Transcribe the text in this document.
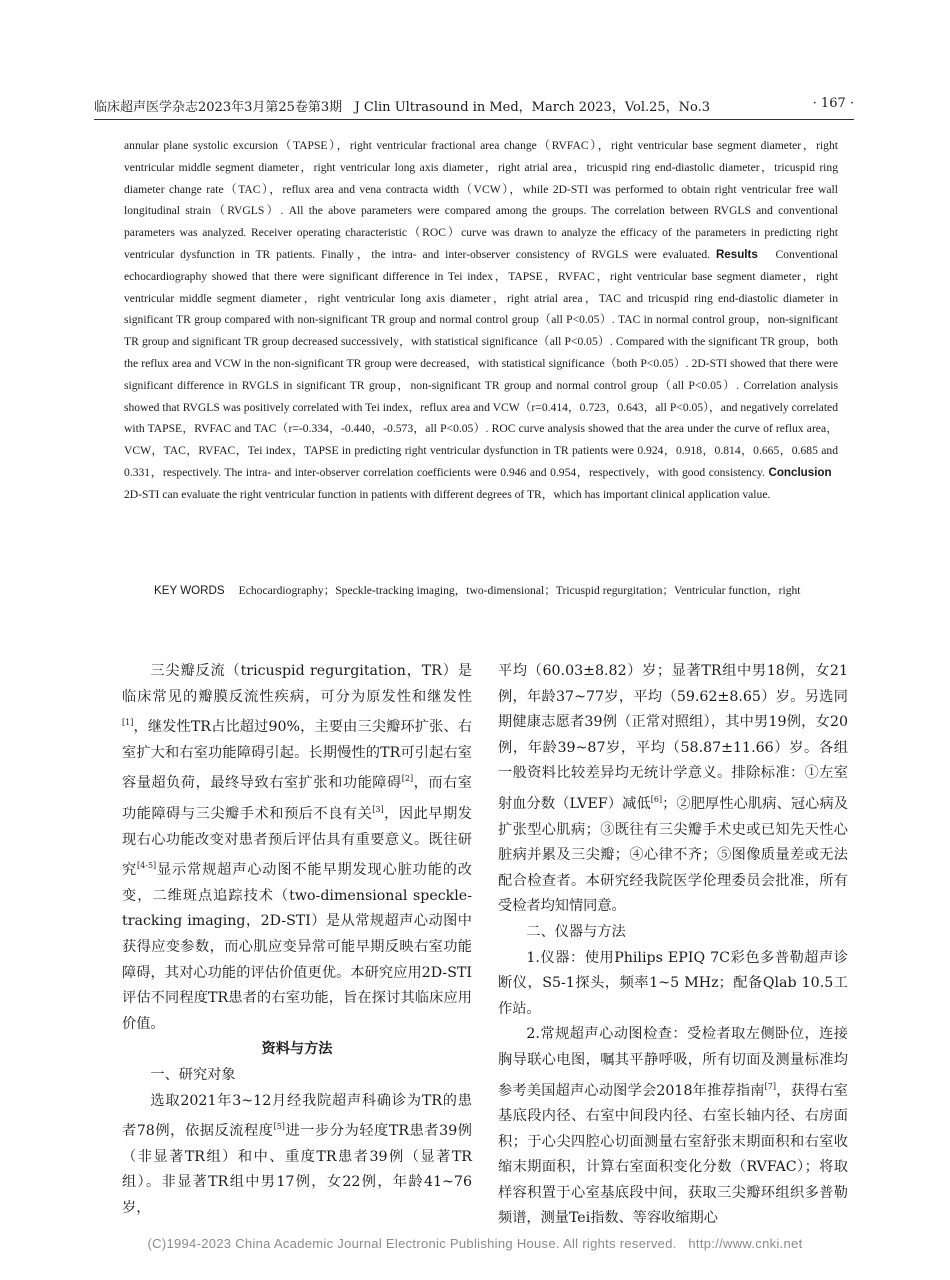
临床超声医学杂志2023年3月第25卷第3期 J Clin Ultrasound in Med，March 2023，Vol.25，No.3	· 167 ·
annular plane systolic excursion（TAPSE），right ventricular fractional area change（RVFAC），right ventricular base segment diameter，right ventricular middle segment diameter，right ventricular long axis diameter，right atrial area，tricuspid ring end-diastolic diameter，tricuspid ring diameter change rate（TAC），reflux area and vena contracta width（VCW），while 2D-STI was performed to obtain right ventricular free wall longitudinal strain（RVGLS）. All the above parameters were compared among the groups. The correlation between RVGLS and conventional parameters was analyzed. Receiver operating characteristic（ROC）curve was drawn to analyze the efficacy of the parameters in predicting right ventricular dysfunction in TR patients. Finally，the intra- and inter-observer consistency of RVGLS were evaluated. Results Conventional echocardiography showed that there were significant difference in Tei index，TAPSE，RVFAC，right ventricular base segment diameter，right ventricular middle segment diameter，right ventricular long axis diameter，right atrial area，TAC and tricuspid ring end-diastolic diameter in significant TR group compared with non-significant TR group and normal control group（all P<0.05）. TAC in normal control group，non-significant TR group and significant TR group decreased successively，with statistical significance（all P<0.05）. Compared with the significant TR group，both the reflux area and VCW in the non-significant TR group were decreased，with statistical significance（both P<0.05）. 2D-STI showed that there were significant difference in RVGLS in significant TR group，non-significant TR group and normal control group（all P<0.05）. Correlation analysis showed that RVGLS was positively correlated with Tei index，reflux area and VCW（r=0.414，0.723，0.643，all P<0.05），and negatively correlated with TAPSE，RVFAC and TAC（r=-0.334，-0.440，-0.573，all P<0.05）. ROC curve analysis showed that the area under the curve of reflux area，VCW，TAC，RVFAC，Tei index，TAPSE in predicting right ventricular dysfunction in TR patients were 0.924，0.918，0.814，0.665，0.685 and 0.331，respectively. The intra- and inter-observer correlation coefficients were 0.946 and 0.954，respectively，with good consistency. Conclusion   2D-STI can evaluate the right ventricular function in patients with different degrees of TR，which has important clinical application value.
KEY WORDS Echocardiography；Speckle-tracking imaging，two-dimensional；Tricuspid regurgitation；Ventricular function，right

三尖瓣反流（tricuspid regurgitation，TR）是临床常见的瓣膜反流性疾病，可分为原发性和继发性[1]，继发性TR占比超过90%，主要由三尖瓣环扩张、右室扩大和右室功能障碍引起。长期慢性的TR可引起右室容量超负荷，最终导致右室扩张和功能障碍[2]，而右室功能障碍与三尖瓣手术和预后不良有关[3]，因此早期发现右心功能改变对患者预后评估具有重要意义。既往研究[4-5]显示常规超声心动图不能早期发现心脏功能的改变，二维斑点追踪技术（two-dimensional speckle-tracking imaging，2D-STI）是从常规超声心动图中获得应变参数，而心肌应变异常可能早期反映右室功能障碍，其对心功能的评估价值更优。本研究应用2D-STI评估不同程度TR患者的右室功能，旨在探讨其临床应用价值。

资料与方法

一、研究对象

选取2021年3~12月经我院超声科确诊为TR的患者78例，依据反流程度[5]进一步分为轻度TR患者39例（非显著TR组）和中、重度TR患者39例（显著TR组）。非显著TR组中男17例，女22例，年龄41~76岁，

平均（60.03±8.82）岁；显著TR组中男18例，女21例，年龄37~77岁，平均（59.62±8.65）岁。另选同期健康志愿者39例（正常对照组），其中男19例，女20例，年龄39~87岁，平均（58.87±11.66）岁。各组一般资料比较差异均无统计学意义。排除标准：①左室射血分数（LVEF）减低[6]；②肥厚性心肌病、冠心病及扩张型心肌病；③既往有三尖瓣手术史或已知先天性心脏病并累及三尖瓣；④心律不齐；⑤图像质量差或无法配合检查者。本研究经我院医学伦理委员会批准，所有受检者均知情同意。

二、仪器与方法

1.仪器：使用Philips EPIQ 7C彩色多普勒超声诊断仪，S5-1探头，频率1~5 MHz；配备Qlab 10.5工作站。

2.常规超声心动图检查：受检者取左侧卧位，连接胸导联心电图，嘱其平静呼吸，所有切面及测量标准均参考美国超声心动图学会2018年推荐指南[7]，获得右室基底段内径、右室中间段内径、右室长轴内径、右房面积；于心尖四腔心切面测量右室舒张末期面积和右室收缩末期面积，计算右室面积变化分数（RVFAC）；将取样容积置于心室基底段中间，获取三尖瓣环组织多普勒频谱，测量Tei指数、等容收缩期心

(C)1994-2023 China Academic Journal Electronic Publishing House. All rights reserved. http://www.cnki.net
